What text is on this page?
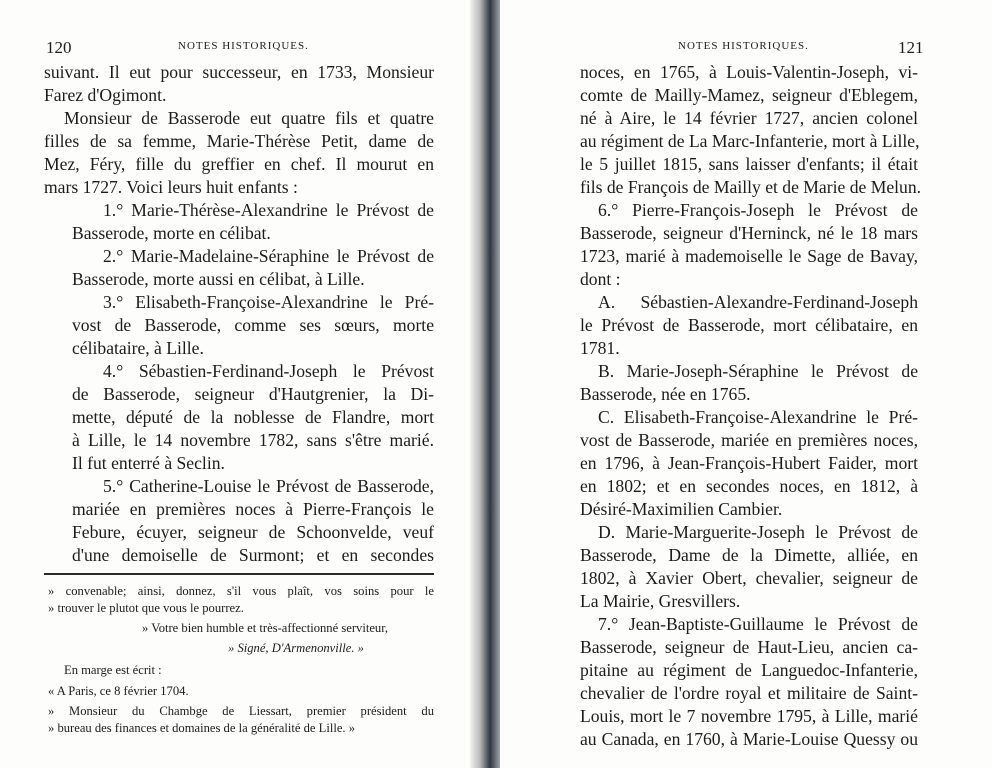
120	NOTES HISTORIQUES.

suivant. Il eut pour successeur, en 1733, Monsieur

Farez d'Ogimont.

Monsieur de Basserode eut quatre fils et quatre

filles de sa femme, Marie-Thérèse Petit, dame de

Mez, Féry, fille du greffier en chef. Il mourut en

mars 1727. Voici leurs huit enfants :

1.° Marie-Thérèse-Alexandrine le Prévost de

Basserode, morte en célibat.

2.° Marie-Madelaine-Séraphine le Prévost de

Basserode, morte aussi en célibat, à Lille.

3.° Elisabeth-Françoise-Alexandrine le Pré-

vost de Basserode, comme ses sœurs, morte

célibataire, à Lille.

4.° Sébastien-Ferdinand-Joseph le Prévost

de Basserode, seigneur d'Hautgrenier, la Di-

mette, député de la noblesse de Flandre, mort

à Lille, le 14 novembre 1782, sans s'être marié.

Il fut enterré à Seclin.

5.° Catherine-Louise le Prévost de Basserode,

mariée en premières noces à Pierre-François le

Febure, écuyer, seigneur de Schoonvelde, veuf

d'une demoiselle de Surmont; et en secondes

» convenable; ainsi, donnez, s'il vous plaît, vos soins pour le

» trouver le plutot que vous le pourrez.

» Votre bien humble et très-affectionné serviteur,

» Signé, D'Armenonville. »

En marge est écrit :

« A Paris, ce 8 février 1704.

» Monsieur du Chambge de Liessart, premier président du

» bureau des finances et domaines de la généralité de Lille. »

NOTES HISTORIQUES.	121

noces, en 1765, à Louis-Valentin-Joseph, vi-

comte de Mailly-Mamez, seigneur d'Eblegem,

né à Aire, le 14 février 1727, ancien colonel

au régiment de La Marc-Infanterie, mort à Lille,

le 5 juillet 1815, sans laisser d'enfants; il était

fils de François de Mailly et de Marie de Melun.

6.° Pierre-François-Joseph le Prévost de

Basserode, seigneur d'Herninck, né le 18 mars

1723, marié à mademoiselle le Sage de Bavay,

dont :

A. Sébastien-Alexandre-Ferdinand-Joseph

le Prévost de Basserode, mort célibataire, en

1781.

B. Marie-Joseph-Séraphine le Prévost de

Basserode, née en 1765.

C. Elisabeth-Françoise-Alexandrine le Pré-

vost de Basserode, mariée en premières noces,

en 1796, à Jean-François-Hubert Faider, mort

en 1802; et en secondes noces, en 1812, à

Désiré-Maximilien Cambier.

D. Marie-Marguerite-Joseph le Prévost de

Basserode, Dame de la Dimette, alliée, en

1802, à Xavier Obert, chevalier, seigneur de

La Mairie, Gresvillers.

7.° Jean-Baptiste-Guillaume le Prévost de

Basserode, seigneur de Haut-Lieu, ancien ca-

pitaine au régiment de Languedoc-Infanterie,

chevalier de l'ordre royal et militaire de Saint-

Louis, mort le 7 novembre 1795, à Lille, marié

au Canada, en 1760, à Marie-Louise Quessy ou
